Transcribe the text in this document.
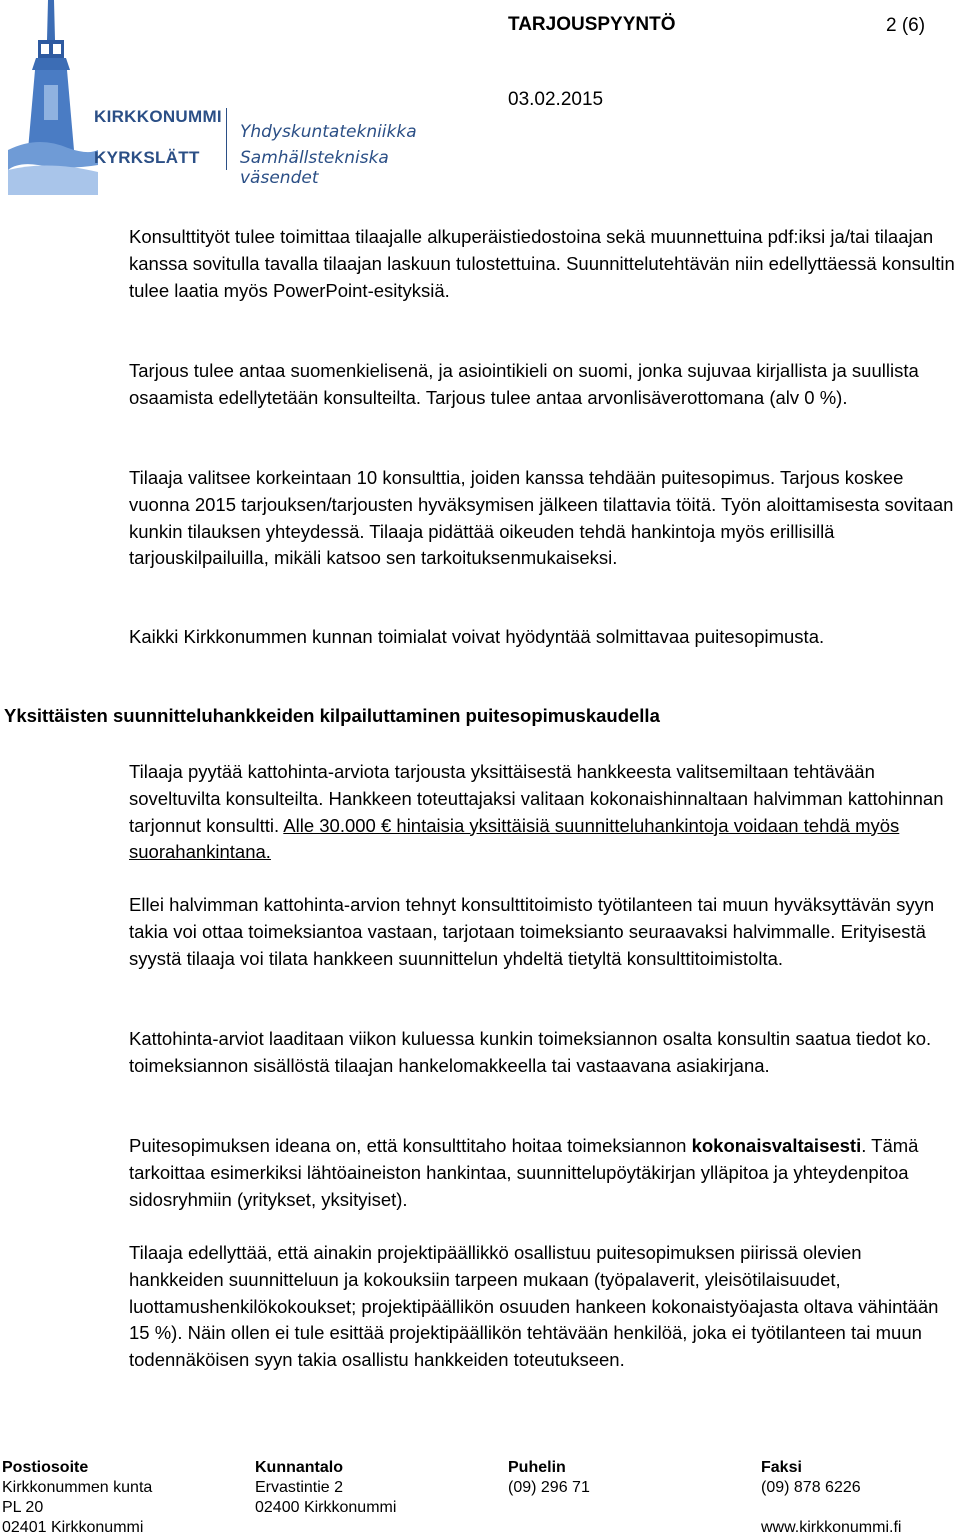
KIRKKONUMMI
KYRKSLÄTT
Yhdyskuntatekniikka
Samhällstekniska väsendet
TARJOUSPYYNTÖ	2 (6)
03.02.2015

Konsulttityöt tulee toimittaa tilaajalle alkuperäistiedostoina sekä muunnettuina pdf:iksi ja/tai tilaajan kanssa sovitulla tavalla tilaajan laskuun tulostettuina. Suunnittelutehtävän niin edellyttäessä konsultin tulee laatia myös PowerPoint-esityksiä.

Tarjous tulee antaa suomenkielisenä, ja asiointikieli on suomi, jonka sujuvaa kirjallista ja suullista osaamista edellytetään konsulteilta. Tarjous tulee antaa arvonlisäverottomana (alv 0 %).

Tilaaja valitsee korkeintaan 10 konsulttia, joiden kanssa tehdään puitesopimus. Tarjous koskee vuonna 2015 tarjouksen/tarjousten hyväksymisen jälkeen tilattavia töitä. Työn aloittamisesta sovitaan kunkin tilauksen yhteydessä. Tilaaja pidättää oikeuden tehdä hankintoja myös erillisillä tarjouskilpailuilla, mikäli katsoo sen tarkoituksenmukaiseksi.

Kaikki Kirkkonummen kunnan toimialat voivat hyödyntää solmittavaa puitesopimusta.

Yksittäisten suunnitteluhankkeiden kilpailuttaminen puitesopimuskaudella

Tilaaja pyytää kattohinta-arviota tarjousta yksittäisestä hankkeesta valitsemiltaan tehtävään soveltuvilta konsulteilta. Hankkeen toteuttajaksi valitaan kokonaishinnaltaan halvimman kattohinnan tarjonnut konsultti. Alle 30.000 € hintaisia yksittäisiä suunnitteluhankintoja voidaan tehdä myös suorahankintana.

Ellei halvimman kattohinta-arvion tehnyt konsulttitoimisto työtilanteen tai muun hyväksyttävän syyn takia voi ottaa toimeksiantoa vastaan, tarjotaan toimeksianto seuraavaksi halvimmalle. Erityisestä syystä tilaaja voi tilata hankkeen suunnittelun yhdeltä tietyltä konsulttitoimistolta.

Kattohinta-arviot laaditaan viikon kuluessa kunkin toimeksiannon osalta konsultin saatua tiedot ko. toimeksiannon sisällöstä tilaajan hankelomakkeella tai vastaavana asiakirjana.

Puitesopimuksen ideana on, että konsulttitaho hoitaa toimeksiannon kokonaisvaltaisesti. Tämä tarkoittaa esimerkiksi lähtöaineiston hankintaa, suunnittelupöytäkirjan ylläpitoa ja yhteydenpitoa sidosryhmiin (yritykset, yksityiset).

Tilaaja edellyttää, että ainakin projektipäällikkö osallistuu puitesopimuksen piirissä olevien hankkeiden suunnitteluun ja kokouksiin tarpeen mukaan (työpalaverit, yleisötilaisuudet, luottamushenkilökokoukset; projektipäällikön osuuden hankeen kokonaistyöajasta oltava vähintään 15 %). Näin ollen ei tule esittää projektipäällikön tehtävään henkilöä, joka ei työtilanteen tai muun todennäköisen syyn takia osallistu hankkeiden toteutukseen.

Postiosoite
Kirkkonummen kunta
PL 20
02401 Kirkkonummi
Kunnantalo
Ervastintie 2
02400 Kirkkonummi
Puhelin
(09) 296 71
Faksi
(09) 878 6226
www.kirkkonummi.fi
